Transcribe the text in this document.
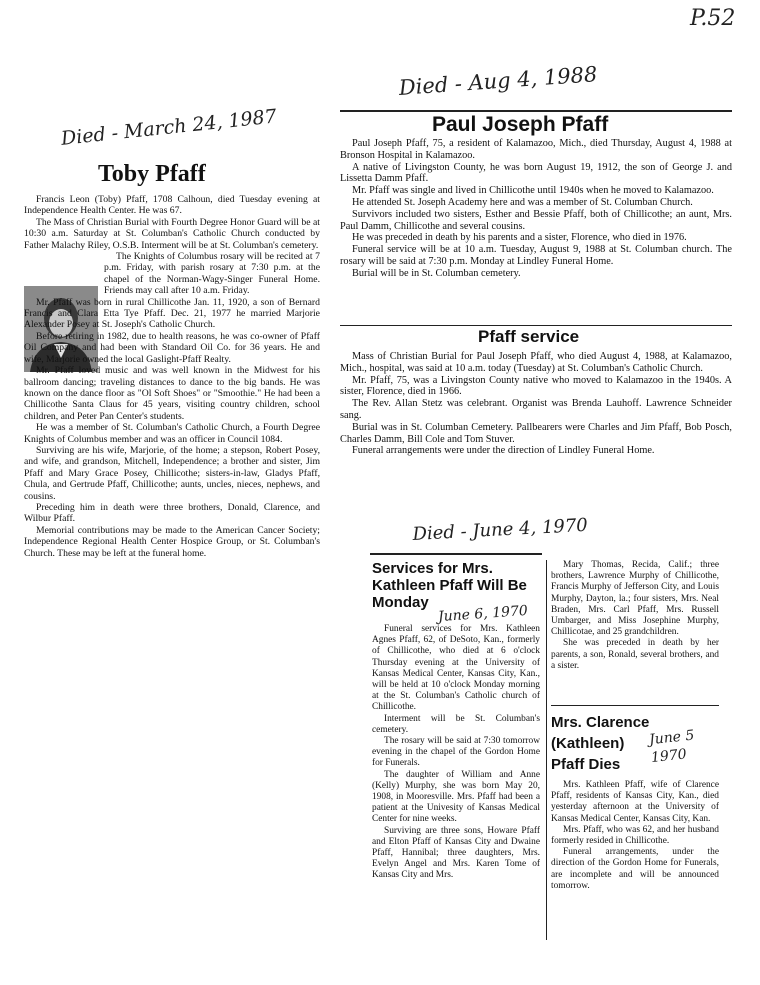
P.52
Died - March 24, 1987
Toby Pfaff

Francis Leon (Toby) Pfaff, 1708 Calhoun, died Tuesday evening at Independence Health Center. He was 67.

The Mass of Christian Burial with Fourth Degree Honor Guard will be at 10:30 a.m. Saturday at St. Columban's Catholic Church conducted by Father Malachy Riley, O.S.B. Interment will be at St. Columban's cemetery.

The Knights of Columbus rosary will be recited at 7 p.m. Friday, with parish rosary at 7:30 p.m. at the chapel of the Norman-Wagy-Singer Funeral Home. Friends may call after 10 a.m. Friday.

Mr. Pfaff was born in rural Chillicothe Jan. 11, 1920, a son of Bernard Francis and Clara Etta Tye Pfaff. Dec. 21, 1977 he married Marjorie Alexander Posey at St. Joseph's Catholic Church.

Before retiring in 1982, due to health reasons, he was co-owner of Pfaff Oil Company and had been with Standard Oil Co. for 36 years. He and wife, Marjorie owned the local Gaslight-Pfaff Realty.

Mr. Pfaff loved music and was well known in the Midwest for his ballroom dancing; traveling distances to dance to the big bands. He was known on the dance floor as "Ol Soft Shoes" or "Smoothie." He had been a Chillicothe Santa Claus for 45 years, visiting country children, school children, and Peter Pan Center's students.

He was a member of St. Columban's Catholic Church, a Fourth Degree Knights of Columbus member and was an officer in Council 1084.

Surviving are his wife, Marjorie, of the home; a stepson, Robert Posey, and wife, and grandson, Mitchell, Independence; a brother and sister, Jim Pfaff and Mary Grace Posey, Chillicothe; sisters-in-law, Gladys Pfaff, Chula, and Gertrude Pfaff, Chillicothe; aunts, uncles, nieces, nephews, and cousins.

Preceding him in death were three brothers, Donald, Clarence, and Wilbur Pfaff.

Memorial contributions may be made to the American Cancer Society; Independence Regional Health Center Hospice Group, or St. Columban's Church. These may be left at the funeral home.

Died - Aug 4, 1988
Paul Joseph Pfaff

Paul Joseph Pfaff, 75, a resident of Kalamazoo, Mich., died Thursday, August 4, 1988 at Bronson Hospital in Kalamazoo.

A native of Livingston County, he was born August 19, 1912, the son of George J. and Lissetta Damm Pfaff.

Mr. Pfaff was single and lived in Chillicothe until 1940s when he moved to Kalamazoo.

He attended St. Joseph Academy here and was a member of St. Columban Church.

Survivors included two sisters, Esther and Bessie Pfaff, both of Chillicothe; an aunt, Mrs. Paul Damm, Chillicothe and several cousins.

He was preceded in death by his parents and a sister, Florence, who died in 1976.

Funeral service will be at 10 a.m. Tuesday, August 9, 1988 at St. Columban church. The rosary will be said at 7:30 p.m. Monday at Lindley Funeral Home.

Burial will be in St. Columban cemetery.

Pfaff service

Mass of Christian Burial for Paul Joseph Pfaff, who died August 4, 1988, at Kalamazoo, Mich., hospital, was said at 10 a.m. today (Tuesday) at St. Columban's Catholic Church.

Mr. Pfaff, 75, was a Livingston County native who moved to Kalamazoo in the 1940s. A sister, Florence, died in 1966.

The Rev. Allan Stetz was celebrant. Organist was Brenda Lauhoff. Lawrence Schneider sang.

Burial was in St. Columban Cemetery. Pallbearers were Charles and Jim Pfaff, Bob Posch, Charles Damm, Bill Cole and Tom Stuver.

Funeral arrangements were under the direction of Lindley Funeral Home.

Died - June 4, 1970
Services for Mrs. Kathleen Pfaff Will Be Monday
June 6, 1970

Funeral services for Mrs. Kathleen Agnes Pfaff, 62, of DeSoto, Kan., formerly of Chillicothe, who died at 6 o'clock Thursday evening at the University of Kansas Medical Center, Kansas City, Kan., will be held at 10 o'clock Monday morning at the St. Columban's Catholic church of Chillicothe.

Interment will be St. Columban's cemetery.

The rosary will be said at 7:30 tomorrow evening in the chapel of the Gordon Home for Funerals.

The daughter of William and Anne (Kelly) Murphy, she was born May 20, 1908, in Mooresville. Mrs. Pfaff had been a patient at the Univesity of Kansas Medical Center for nine weeks.

Surviving are three sons, Howare Pfaff and Elton Pfaff of Kansas City and Dwaine Pfaff, Hannibal; three daughters, Mrs. Evelyn Angel and Mrs. Karen Tome of Kansas City and Mrs.

Mary Thomas, Recida, Calif.; three brothers, Lawrence Murphy of Chillicothe, Francis Murphy of Jefferson City, and Louis Murphy, Dayton, la.; four sisters, Mrs. Neal Braden, Mrs. Carl Pfaff, Mrs. Russell Umbarger, and Miss Josephine Murphy, Chillicotae, and 25 grandchildren.

She was preceded in death by her parents, a son, Ronald, several brothers, and a sister.

Mrs. Clarence (Kathleen) Pfaff Dies
June 5 1970

Mrs. Kathleen Pfaff, wife of Clarence Pfaff, residents of Kansas City, Kan., died yesterday afternoon at the University of Kansas Medical Center, Kansas City, Kan.

Mrs. Pfaff, who was 62, and her husband formerly resided in Chillicothe.

Funeral arrangements, under the direction of the Gordon Home for Funerals, are incomplete and will be announced tomorrow.
